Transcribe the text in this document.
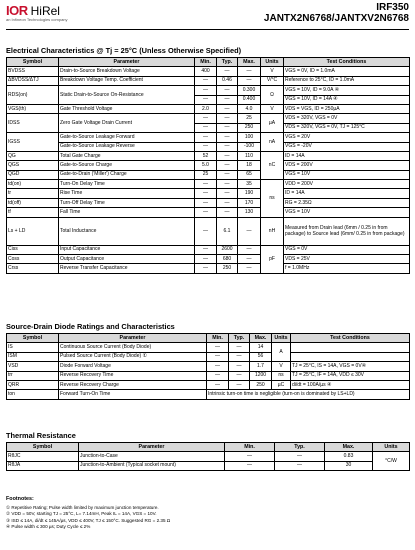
IOR HiRel
an Infineon Technologies company
IRF350
JANTX2N6768/JANTXV2N6768
Electrical Characteristics @ Tj = 25°C (Unless Otherwise Specified)
Symbol	Parameter	Min.	Typ.	Max.	Units	Test Conditions
BVDSS	Drain-to-Source Breakdown Voltage	400	—	—	V	VGS = 0V, ID = 1.0mA
ΔBVDSS/ΔTJ	Breakdown Voltage Temp. Coefficient	—	0.46	—	V/°C	Reference to 25°C, ID = 1.0mA
RDS(on)	Static Drain-to-Source On-Resistance	—	—	0.300	Ω	VGS = 10V, ID = 9.0A ④
		—	—	0.400		VGS = 10V, ID = 14A ④
VGS(th)	Gate Threshold Voltage	2.0	—	4.0	V	VDS = VGS, ID = 250µA
IDSS	Zero Gate Voltage Drain Current	—	—	25	µA	VDS = 320V, VGS = 0V
		—	—	250		VDS = 320V, VGS = 0V, TJ = 125°C
IGSS	Gate-to-Source Leakage Forward	—	—	100	nA	VGS = 20V
	Gate-to-Source Leakage Reverse	—	—	-100		VGS = -20V
QG	Total Gate Charge	52	—	110	nC	ID = 14A
QGS	Gate-to-Source Charge	5.0	—	18		VDS = 200V
QGD	Gate-to-Drain ('Miller') Charge	25	—	65		VGS = 10V
td(on)	Turn-On Delay Time	—	—	35	ns	VDD = 200V
tr	Rise Time	—	—	190		ID = 14A
td(off)	Turn-Off Delay Time	—	—	170		RG = 2.35Ω
tf	Fall Time	—	—	130		VGS = 10V
Ls + LD	Total Inductance	—	6.1	—	nH	Measured from Drain lead (6mm / 0.25 in from package) to Source lead (6mm/ 0.25 in from package)
Ciss	Input Capacitance	—	2600	—	pF	VGS = 0V
Coss	Output Capacitance	—	680	—		VDS = 25V
Crss	Reverse Transfer Capacitance	—	250	—		f = 1.0MHz
Source-Drain Diode Ratings and Characteristics
Symbol	Parameter	Min.	Typ.	Max.	Units	Test Conditions
IS	Continuous Source Current (Body Diode)	—	—	14	A	
ISM	Pulsed Source Current (Body Diode) ①	—	—	56		
VSD	Diode Forward Voltage	—	—	1.7	V	TJ = 25°C, IS = 14A, VGS = 0V④
trr	Reverse Recovery Time	—	—	1200	ns	TJ = 25°C, IF = 14A, VDD ≤ 30V
QRR	Reverse Recovery Charge	—	—	250	µC	di/dt = 100A/µs ④
ton	Forward Turn-On Time	Intrinsic turn-on time is negligible (turn-on is dominated by LS+LD)				
Thermal Resistance
Symbol	Parameter	Min.	Typ.	Max.	Units
RθJC	Junction-to-Case	—	—	0.83	°C/W
RθJA	Junction-to-Ambient (Typical socket mount)	—	—	30	
Footnotes:
① Repetitive Rating; Pulse width limited by maximum junction temperature.
② VDD = 50V, starting TJ = 25°C, L= 7.14mH, Peak IL = 14A, VGS = 10V.
③ ISD ≤ 14A, di/dt ≤ 145A/µs, VDD ≤ 400V, TJ ≤ 150°C. Suggested RG = 2.35 Ω
④ Pulse width ≤ 300 µs; Duty Cycle ≤ 2%
